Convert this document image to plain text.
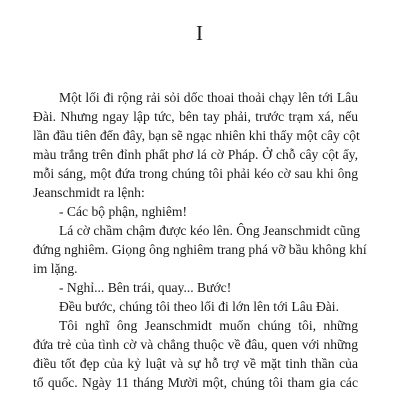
I
Một lối đi rộng rải sỏi dốc thoai thoải chạy lên tới Lâu
Đài. Nhưng ngay lập tức, bên tay phải, trước trạm xá, nếu
lần đầu tiên đến đây, bạn sẽ ngạc nhiên khi thấy một cây cột
màu trắng trên đỉnh phất phơ lá cờ Pháp. Ở chỗ cây cột ấy,
mỗi sáng, một đứa trong chúng tôi phải kéo cờ sau khi ông
Jeanschmidt ra lệnh:
- Các bộ phận, nghiêm!
Lá cờ chầm chậm được kéo lên. Ông Jeanschmidt cũng
đứng nghiêm. Giọng ông nghiêm trang phá vỡ bầu không khí
im lặng.
- Nghỉ... Bên trái, quay... Bước!
Đều bước, chúng tôi theo lối đi lớn lên tới Lâu Đài.
Tôi nghĩ ông Jeanschmidt muốn chúng tôi, những
đứa trẻ của tình cờ và chẳng thuộc về đâu, quen với những
điều tốt đẹp của kỷ luật và sự hỗ trợ về mặt tinh thần của
tổ quốc. Ngày 11 tháng Mười một, chúng tôi tham gia các
